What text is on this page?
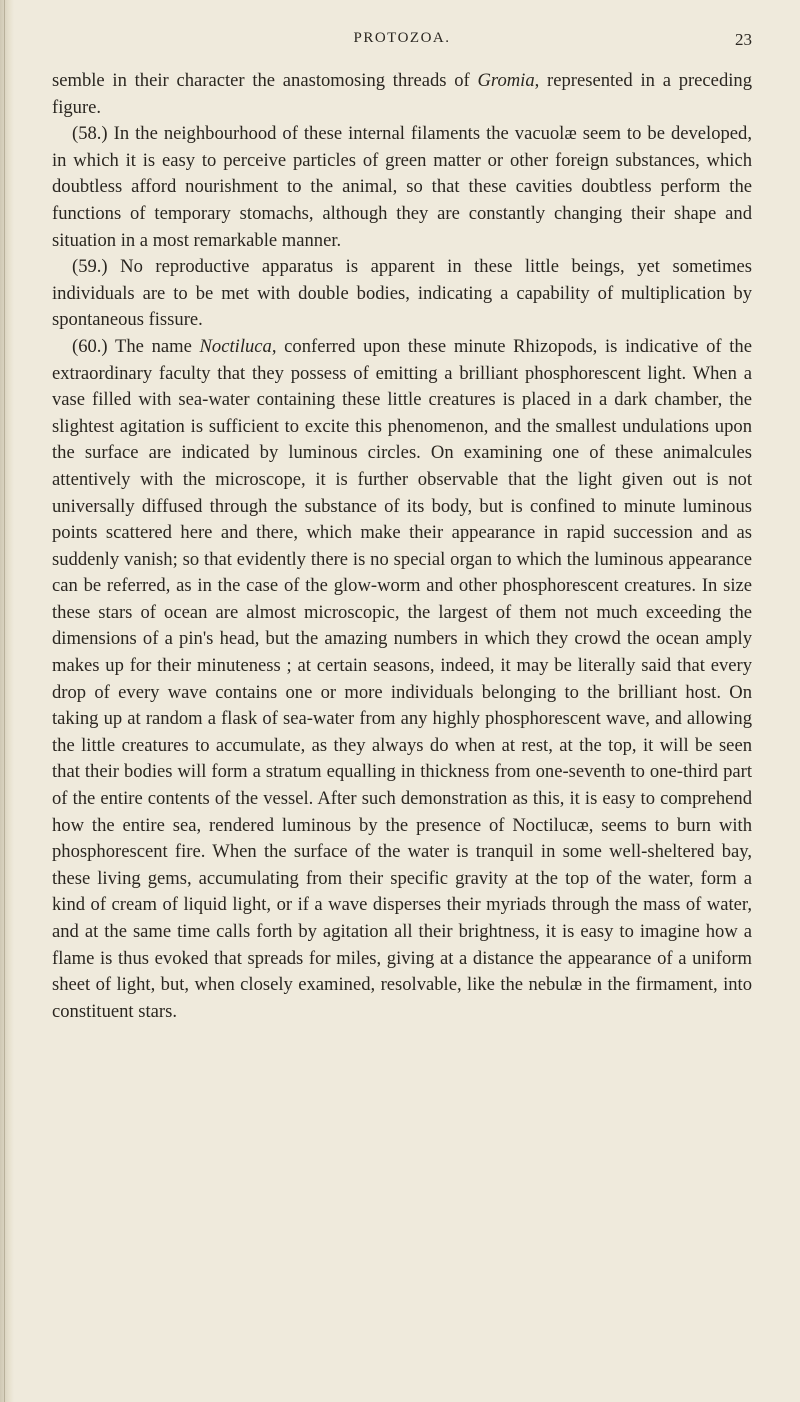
PROTOZOA.	23

semble in their character the anastomosing threads of Gromia, represented in a preceding figure.

(58.) In the neighbourhood of these internal filaments the vacuolæ seem to be developed, in which it is easy to perceive particles of green matter or other foreign substances, which doubtless afford nourishment to the animal, so that these cavities doubtless perform the functions of temporary stomachs, although they are constantly changing their shape and situation in a most remarkable manner.

(59.) No reproductive apparatus is apparent in these little beings, yet sometimes individuals are to be met with double bodies, indicating a capability of multiplication by spontaneous fissure.

(60.) The name Noctiluca, conferred upon these minute Rhizopods, is indicative of the extraordinary faculty that they possess of emitting a brilliant phosphorescent light. When a vase filled with sea-water containing these little creatures is placed in a dark chamber, the slightest agitation is sufficient to excite this phenomenon, and the smallest undulations upon the surface are indicated by luminous circles. On examining one of these animalcules attentively with the microscope, it is further observable that the light given out is not universally diffused through the substance of its body, but is confined to minute luminous points scattered here and there, which make their appearance in rapid succession and as suddenly vanish; so that evidently there is no special organ to which the luminous appearance can be referred, as in the case of the glow-worm and other phosphorescent creatures. In size these stars of ocean are almost microscopic, the largest of them not much exceeding the dimensions of a pin's head, but the amazing numbers in which they crowd the ocean amply makes up for their minuteness ; at certain seasons, indeed, it may be literally said that every drop of every wave contains one or more individuals belonging to the brilliant host. On taking up at random a flask of sea-water from any highly phosphorescent wave, and allowing the little creatures to accumulate, as they always do when at rest, at the top, it will be seen that their bodies will form a stratum equalling in thickness from one-seventh to one-third part of the entire contents of the vessel. After such demonstration as this, it is easy to comprehend how the entire sea, rendered luminous by the presence of Noctilucæ, seems to burn with phosphorescent fire. When the surface of the water is tranquil in some well-sheltered bay, these living gems, accumulating from their specific gravity at the top of the water, form a kind of cream of liquid light, or if a wave disperses their myriads through the mass of water, and at the same time calls forth by agitation all their brightness, it is easy to imagine how a flame is thus evoked that spreads for miles, giving at a distance the appearance of a uniform sheet of light, but, when closely examined, resolvable, like the nebulæ in the firmament, into constituent stars.
